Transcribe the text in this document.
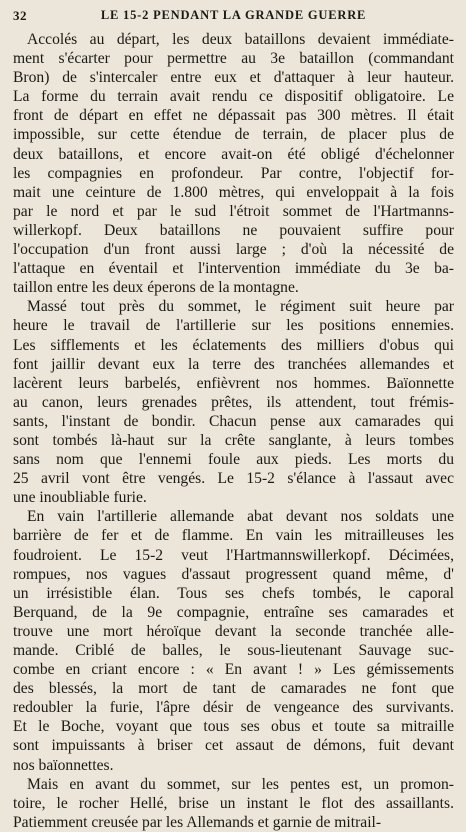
32	LE 15-2 PENDANT LA GRANDE GUERRE

Accolés au départ, les deux bataillons devaient immédiate-
ment s'écarter pour permettre au 3e bataillon (commandant
Bron) de s'intercaler entre eux et d'attaquer à leur hauteur.
La forme du terrain avait rendu ce dispositif obligatoire. Le
front de départ en effet ne dépassait pas 300 mètres. Il était
impossible, sur cette étendue de terrain, de placer plus de
deux bataillons, et encore avait-on été obligé d'échelonner
les compagnies en profondeur. Par contre, l'objectif for-
mait une ceinture de 1.800 mètres, qui enveloppait à la fois
par le nord et par le sud l'étroit sommet de l'Hartmanns-
willerkopf. Deux bataillons ne pouvaient suffire pour
l'occupation d'un front aussi large ; d'où la nécessité de
l'attaque en éventail et l'intervention immédiate du 3e ba-
taillon entre les deux éperons de la montagne.

Massé tout près du sommet, le régiment suit heure par
heure le travail de l'artillerie sur les positions ennemies.
Les sifflements et les éclatements des milliers d'obus qui
font jaillir devant eux la terre des tranchées allemandes et
lacèrent leurs barbelés, enfièvrent nos hommes. Baïonnette
au canon, leurs grenades prêtes, ils attendent, tout frémis-
sants, l'instant de bondir. Chacun pense aux camarades qui
sont tombés là-haut sur la crête sanglante, à leurs tombes
sans nom que l'ennemi foule aux pieds. Les morts du
25 avril vont être vengés. Le 15-2 s'élance à l'assaut avec
une inoubliable furie.

En vain l'artillerie allemande abat devant nos soldats une
barrière de fer et de flamme. En vain les mitrailleuses les
foudroient. Le 15-2 veut l'Hartmannswillerkopf. Décimées,
rompues, nos vagues d'assaut progressent quand même, d'
un irrésistible élan. Tous ses chefs tombés, le caporal
Berquand, de la 9e compagnie, entraîne ses camarades et
trouve une mort héroïque devant la seconde tranchée alle-
mande. Criblé de balles, le sous-lieutenant Sauvage suc-
combe en criant encore : « En avant ! » Les gémissements
des blessés, la mort de tant de camarades ne font que
redoubler la furie, l'âpre désir de vengeance des survivants.
Et le Boche, voyant que tous ses obus et toute sa mitraille
sont impuissants à briser cet assaut de démons, fuit devant
nos baïonnettes.

Mais en avant du sommet, sur les pentes est, un promon-
toire, le rocher Hellé, brise un instant le flot des assaillants.
Patiemment creusée par les Allemands et garnie de mitrail-
